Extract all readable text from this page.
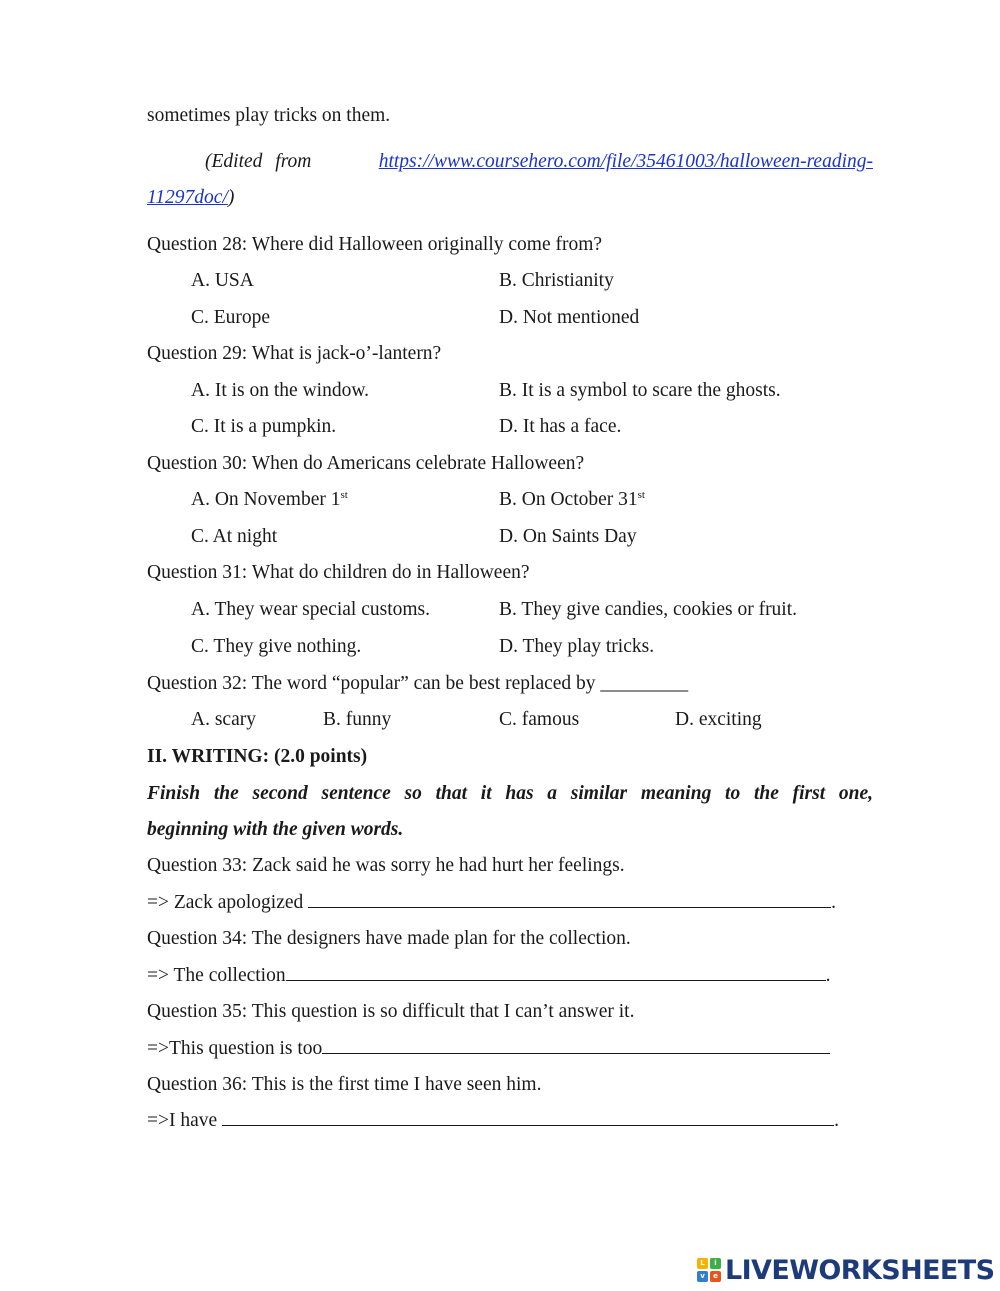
sometimes play tricks on them.
(Edited from	https://www.coursehero.com/file/35461003/halloween-reading-
11297doc/)
Question 28: Where did Halloween originally come from?
A. USA	B. Christianity
C. Europe	D. Not mentioned
Question 29: What is jack-o’-lantern?
A. It is on the window.	B. It is a symbol to scare the ghosts.
C. It is a pumpkin.	D. It has a face.
Question 30: When do Americans celebrate Halloween?
A. On November 1st	B. On October 31st
C. At night	D. On Saints Day
Question 31: What do children do in Halloween?
A. They wear special customs.	B. They give candies, cookies or fruit.
C. They give nothing.	D. They play tricks.
Question 32: The word “popular” can be best replaced by _________
A. scary	B. funny	C. famous	D. exciting
II. WRITING: (2.0 points)
Finish the second sentence so that it has a similar meaning to the first one,
beginning with the given words.
Question 33: Zack said he was sorry he had hurt her feelings.
=> Zack apologized	.
Question 34: The designers have made plan for the collection.
=> The collection	.
Question 35: This question is so difficult that I can’t answer it.
=>This question is too
Question 36: This is the first time I have seen him.
=>I have	.
L	i
v	e LIVEWORKSHEETS
